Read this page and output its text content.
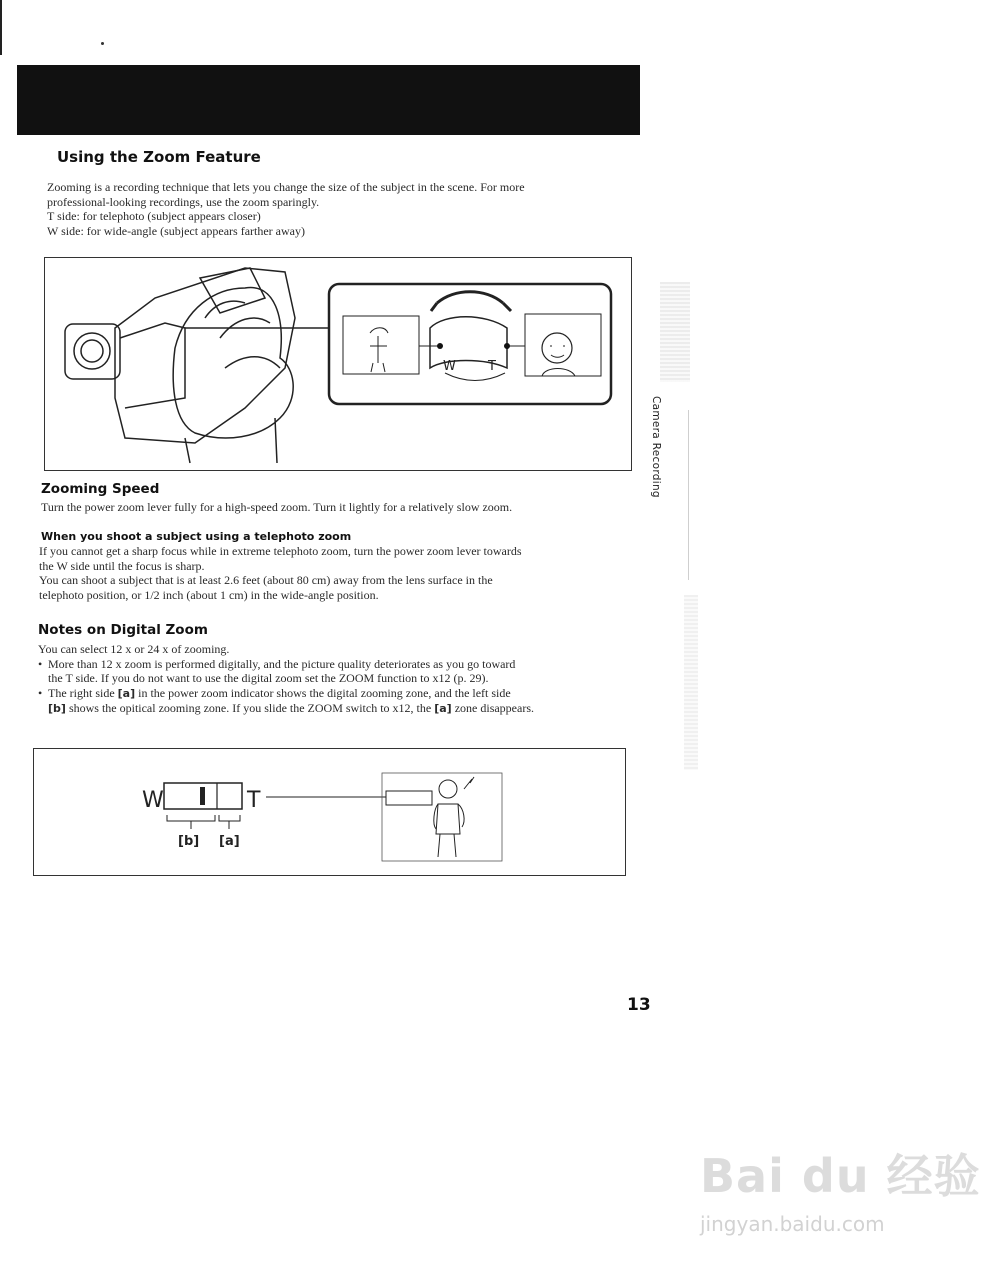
Using the Zoom Feature

Zooming is a recording technique that lets you change the size of the subject in the scene. For more

professional-looking recordings, use the zoom sparingly.

T side: for telephoto (subject appears closer)

W side: for wide-angle (subject appears farther away)

W T
Zooming Speed
Turn the power zoom lever fully for a high-speed zoom. Turn it lightly for a relatively slow zoom.
When you shoot a subject using a telephoto zoom

If you cannot get a sharp focus while in extreme telephoto zoom, turn the power zoom lever towards

the W side until the focus is sharp.

You can shoot a subject that is at least 2.6 feet (about 80 cm) away from the lens surface in the

telephoto position, or 1/2 inch (about 1 cm) in the wide-angle position.

Notes on Digital Zoom

You can select 12 x or 24 x of zooming.

• More than 12 x zoom is performed digitally, and the picture quality deteriorates as you go toward

the T side. If you do not want to use the digital zoom set the ZOOM function to x12 (p. 29).

• The right side [a] in the power zoom indicator shows the digital zooming zone, and the left side
[b] shows the opitical zooming zone. If you slide the ZOOM switch to x12, the [a] zone disappears.
W	T
[b] [a]
Camera Recording
13
Bai du 经验
jingyan.baidu.com
